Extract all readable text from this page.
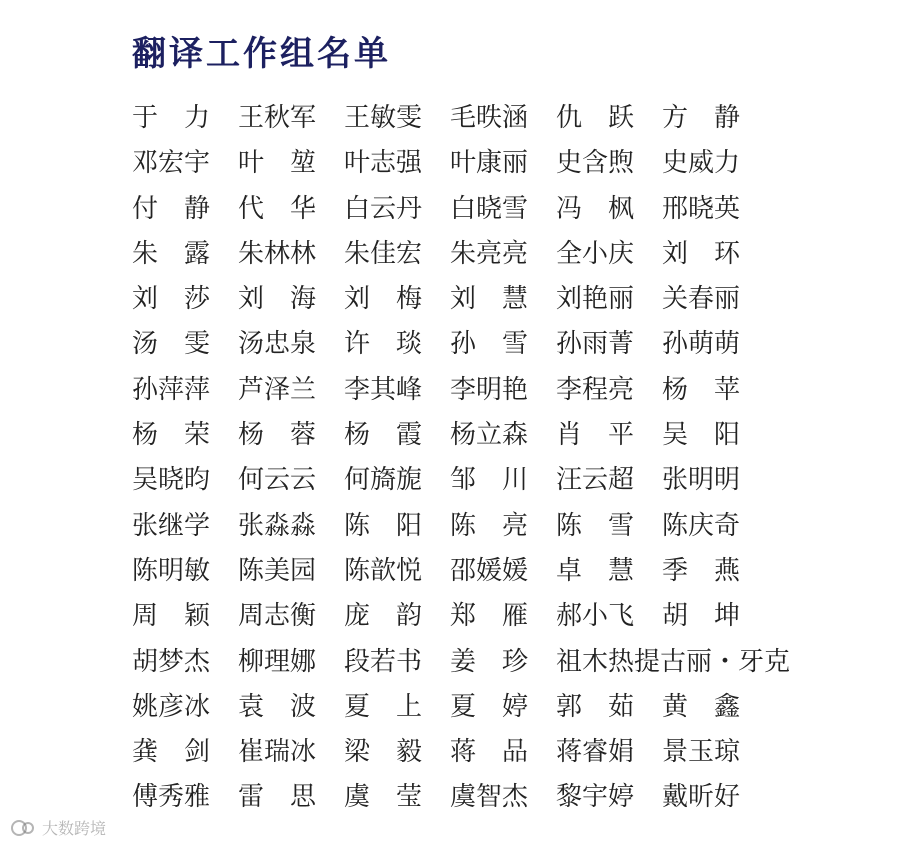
翻译工作组名单
于 力 王秋军 王敏雯 毛昳涵 仇 跃 方 静
邓宏宇 叶 堃 叶志强 叶康丽 史含煦 史威力
付 静 代 华 白云丹 白晓雪 冯 枫 邢晓英
朱 露 朱林林 朱佳宏 朱亮亮 全小庆 刘 环
刘 莎 刘 海 刘 梅 刘 慧 刘艳丽 关春丽
汤 雯 汤忠泉 许 琰 孙 雪 孙雨菁 孙萌萌
孙萍萍 芦泽兰 李其峰 李明艳 李程亮 杨 苹
杨 荣 杨 蓉 杨 霞 杨立森 肖 平 吴 阳
吴晓昀 何云云 何旖旎 邹 川 汪云超 张明明
张继学 张淼淼 陈 阳 陈 亮 陈 雪 陈庆奇
陈明敏 陈美园 陈歆悦 邵媛媛 卓 慧 季 燕
周 颖 周志衡 庞 韵 郑 雁 郝小飞 胡 坤
胡梦杰 柳理娜 段若书 姜 珍 祖木热提古丽・牙克
姚彦冰 袁 波 夏 上 夏 婷 郭 茹 黄 鑫
龚 剑 崔瑞冰 梁 毅 蒋 品 蒋睿娟 景玉琼
傅秀雅 雷 思 虞 莹 虞智杰 黎宇婷 戴昕好
大数跨境
